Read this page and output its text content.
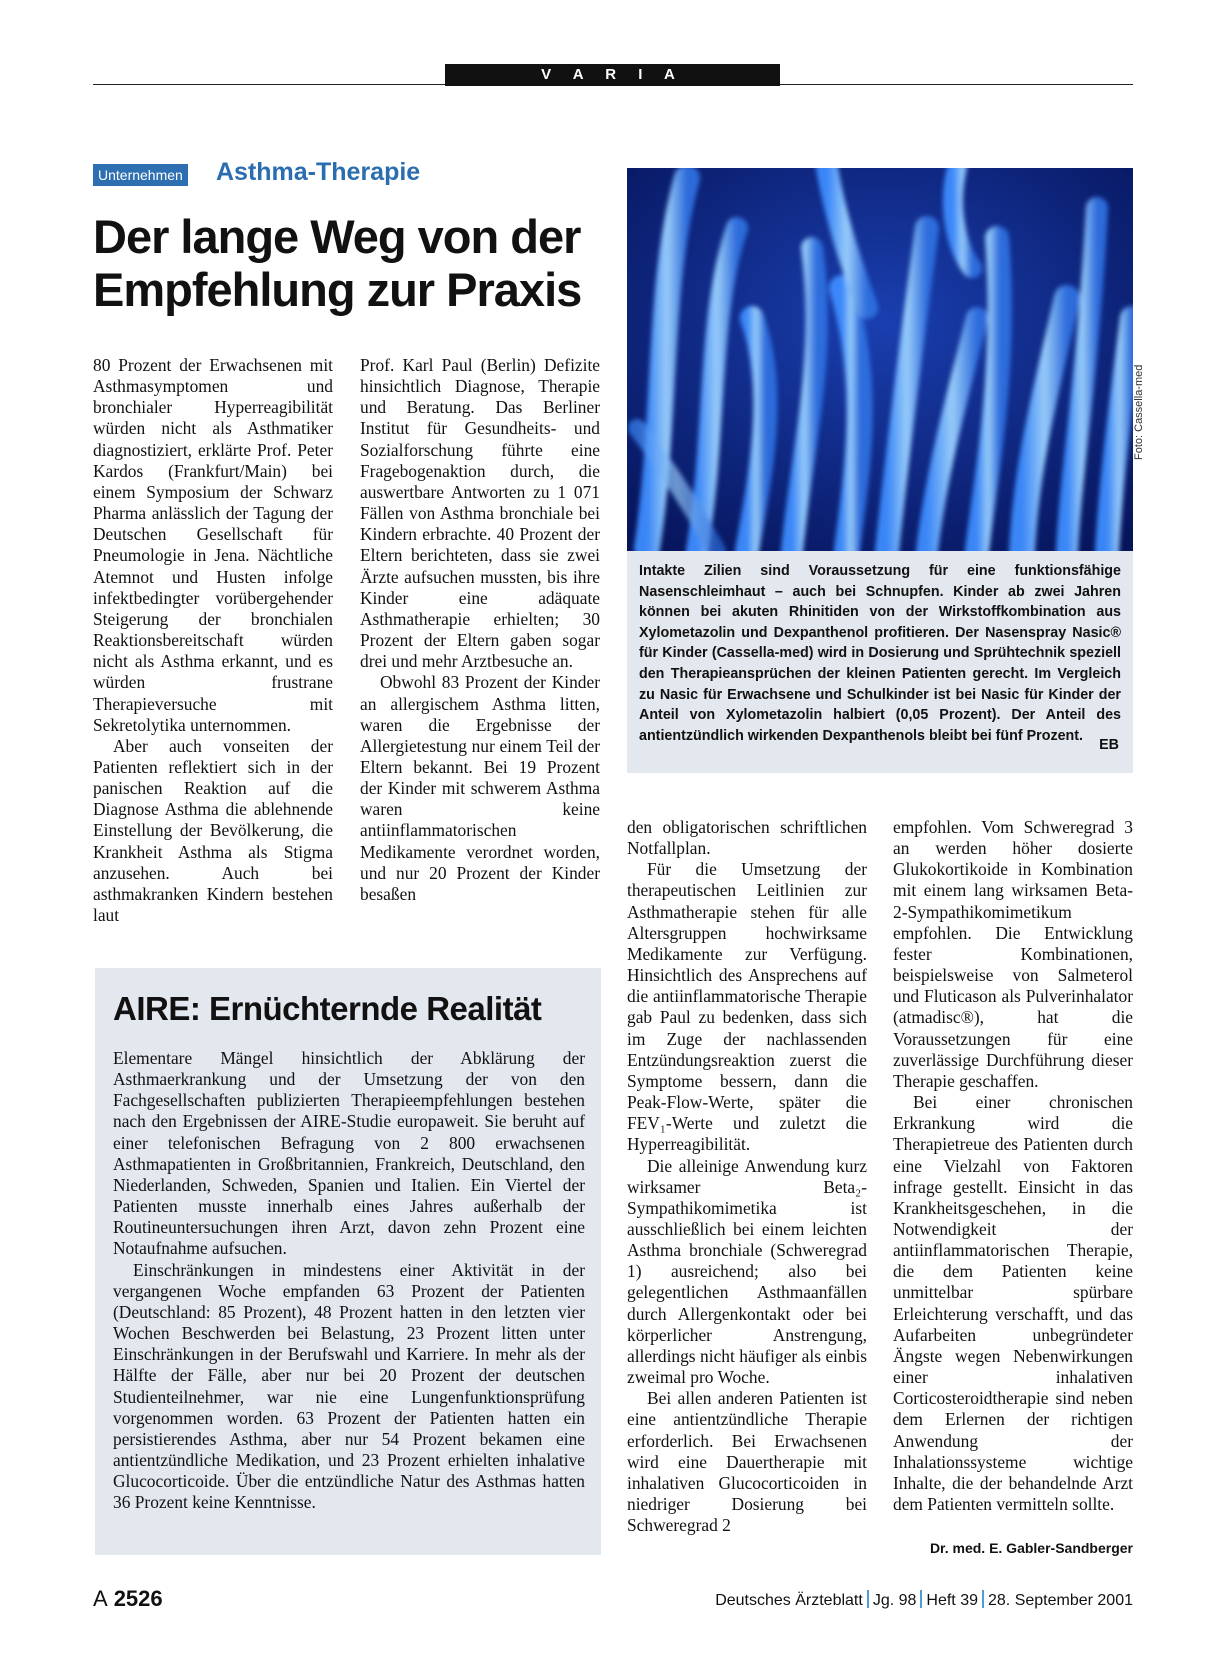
V A R I A
Unternehmen Asthma-Therapie
Der lange Weg von der Empfehlung zur Praxis

80 Prozent der Erwachsenen mit Asthmasymptomen und bronchialer Hyperreagibilität würden nicht als Asthmatiker diagnostiziert, erklärte Prof. Peter Kardos (Frankfurt/Main) bei einem Symposium der Schwarz Pharma anlässlich der Tagung der Deutschen Gesellschaft für Pneumologie in Jena. Nächtliche Atemnot und Husten infolge infektbedingter vorübergehender Steigerung der bronchialen Reaktionsbereitschaft würden nicht als Asthma erkannt, und es würden frustrane Therapieversuche mit Sekretolytika unternommen.

Aber auch vonseiten der Patienten reflektiert sich in der panischen Reaktion auf die Diagnose Asthma die ablehnende Einstellung der Bevölkerung, die Krankheit Asthma als Stigma anzusehen. Auch bei asthmakranken Kindern bestehen laut

Prof. Karl Paul (Berlin) Defizite hinsichtlich Diagnose, Therapie und Beratung. Das Berliner Institut für Gesundheits- und Sozialforschung führte eine Fragebogenaktion durch, die auswertbare Antworten zu 1 071 Fällen von Asthma bronchiale bei Kindern erbrachte. 40 Prozent der Eltern berichteten, dass sie zwei Ärzte aufsuchen mussten, bis ihre Kinder eine adäquate Asthmatherapie erhielten; 30 Prozent der Eltern gaben sogar drei und mehr Arztbesuche an.

Obwohl 83 Prozent der Kinder an allergischem Asthma litten, waren die Ergebnisse der Allergietestung nur einem Teil der Eltern bekannt. Bei 19 Prozent der Kinder mit schwerem Asthma waren keine antiinflammatorischen Medikamente verordnet worden, und nur 20 Prozent der Kinder besaßen

Foto: Cassella-med
Intakte Zilien sind Voraussetzung für eine funktionsfähige Nasenschleimhaut – auch bei Schnupfen. Kinder ab zwei Jahren können bei akuten Rhinitiden von der Wirkstoffkombination aus Xylometazolin und Dexpanthenol profitieren. Der Nasenspray Nasic® für Kinder (Cassella-med) wird in Dosierung und Sprühtechnik speziell den Therapieansprüchen der kleinen Patienten gerecht. Im Vergleich zu Nasic für Erwachsene und Schulkinder ist bei Nasic für Kinder der Anteil von Xylometazolin halbiert (0,05 Prozent). Der Anteil des antientzündlich wirkenden Dexpanthenols bleibt bei fünf Prozent.
EB

den obligatorischen schriftlichen Notfallplan.

Für die Umsetzung der therapeutischen Leitlinien zur Asthmatherapie stehen für alle Altersgruppen hochwirksame Medikamente zur Verfügung. Hinsichtlich des Ansprechens auf die antiinflammatorische Therapie gab Paul zu bedenken, dass sich im Zuge der nachlassenden Entzündungsreaktion zuerst die Symptome bessern, dann die Peak-Flow-Werte, später die FEV₁-Werte und zuletzt die Hyperreagibilität.

Die alleinige Anwendung kurz wirksamer Beta₂-Sympathikomimetika ist ausschließlich bei einem leichten Asthma bronchiale (Schweregrad 1) ausreichend; also bei gelegentlichen Asthmaanfällen durch Allergenkontakt oder bei körperlicher Anstrengung, allerdings nicht häufiger als einbis zweimal pro Woche.

Bei allen anderen Patienten ist eine antientzündliche Therapie erforderlich. Bei Erwachsenen wird eine Dauertherapie mit inhalativen Glucocorticoiden in niedriger Dosierung bei Schweregrad 2

empfohlen. Vom Schweregrad 3 an werden höher dosierte Glukokortikoide in Kombination mit einem lang wirksamen Beta-2-Sympathikomimetikum empfohlen. Die Entwicklung fester Kombinationen, beispielsweise von Salmeterol und Fluticason als Pulverinhalator (atmadisc®), hat die Voraussetzungen für eine zuverlässige Durchführung dieser Therapie geschaffen.

Bei einer chronischen Erkrankung wird die Therapietreue des Patienten durch eine Vielzahl von Faktoren infrage gestellt. Einsicht in das Krankheitsgeschehen, in die Notwendigkeit der antiinflammatorischen Therapie, die dem Patienten keine unmittelbar spürbare Erleichterung verschafft, und das Aufarbeiten unbegründeter Ängste wegen Nebenwirkungen einer inhalativen Corticosteroidtherapie sind neben dem Erlernen der richtigen Anwendung der Inhalationssysteme wichtige Inhalte, die der behandelnde Arzt dem Patienten vermitteln sollte.

Dr. med. E. Gabler-Sandberger
AIRE: Ernüchternde Realität

Elementare Mängel hinsichtlich der Abklärung der Asthmaerkrankung und der Umsetzung der von den Fachgesellschaften publizierten Therapieempfehlungen bestehen nach den Ergebnissen der AIRE-Studie europaweit. Sie beruht auf einer telefonischen Befragung von 2 800 erwachsenen Asthmapatienten in Großbritannien, Frankreich, Deutschland, den Niederlanden, Schweden, Spanien und Italien. Ein Viertel der Patienten musste innerhalb eines Jahres außerhalb der Routineuntersuchungen ihren Arzt, davon zehn Prozent eine Notaufnahme aufsuchen.

Einschränkungen in mindestens einer Aktivität in der vergangenen Woche empfanden 63 Prozent der Patienten (Deutschland: 85 Prozent), 48 Prozent hatten in den letzten vier Wochen Beschwerden bei Belastung, 23 Prozent litten unter Einschränkungen in der Berufswahl und Karriere. In mehr als der Hälfte der Fälle, aber nur bei 20 Prozent der deutschen Studienteilnehmer, war nie eine Lungenfunktionsprüfung vorgenommen worden. 63 Prozent der Patienten hatten ein persistierendes Asthma, aber nur 54 Prozent bekamen eine antientzündliche Medikation, und 23 Prozent erhielten inhalative Glucocorticoide. Über die entzündliche Natur des Asthmas hatten 36 Prozent keine Kenntnisse.

A 2526	Deutsches Ärzteblatt Jg. 98 Heft 39 28. September 2001
